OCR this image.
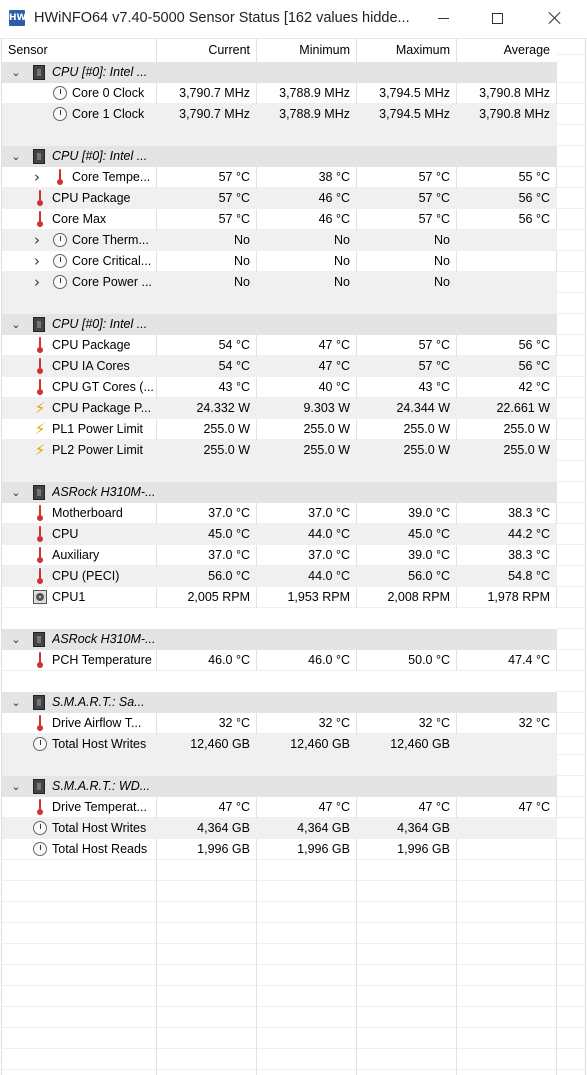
HW HWiNFO64 v7.40-5000 Sensor Status [162 values hidde...
Sensor	Current	Minimum	Maximum	Average
⌄	CPU [#0]: Intel ...
Core 0 Clock	3,790.7 MHz	3,788.9 MHz	3,794.5 MHz	3,790.8 MHz
Core 1 Clock	3,790.7 MHz	3,788.9 MHz	3,794.5 MHz	3,790.8 MHz
⌄	CPU [#0]: Intel ...
›	Core Tempe...	57 °C	38 °C	57 °C	55 °C
CPU Package	57 °C	46 °C	57 °C	56 °C
Core Max	57 °C	46 °C	57 °C	56 °C
›	Core Therm...	No	No	No
›	Core Critical...	No	No	No
›	Core Power ...	No	No	No
⌄	CPU [#0]: Intel ...
CPU Package	54 °C	47 °C	57 °C	56 °C
CPU IA Cores	54 °C	47 °C	57 °C	56 °C
CPU GT Cores (...	43 °C	40 °C	43 °C	42 °C
⚡ CPU Package P...	24.332 W	9.303 W	24.344 W	22.661 W
⚡ PL1 Power Limit	255.0 W	255.0 W	255.0 W	255.0 W
⚡ PL2 Power Limit	255.0 W	255.0 W	255.0 W	255.0 W
⌄	ASRock H310M-...
Motherboard	37.0 °C	37.0 °C	39.0 °C	38.3 °C
CPU	45.0 °C	44.0 °C	45.0 °C	44.2 °C
Auxiliary	37.0 °C	37.0 °C	39.0 °C	38.3 °C
CPU (PECI)	56.0 °C	44.0 °C	56.0 °C	54.8 °C
CPU1	2,005 RPM	1,953 RPM	2,008 RPM	1,978 RPM
⌄	ASRock H310M-...
PCH Temperature	46.0 °C	46.0 °C	50.0 °C	47.4 °C
⌄	S.M.A.R.T.: Sa...
Drive Airflow T...	32 °C	32 °C	32 °C	32 °C
Total Host Writes	12,460 GB	12,460 GB	12,460 GB
⌄	S.M.A.R.T.: WD...
Drive Temperat...	47 °C	47 °C	47 °C	47 °C
Total Host Writes	4,364 GB	4,364 GB	4,364 GB
Total Host Reads	1,996 GB	1,996 GB	1,996 GB
